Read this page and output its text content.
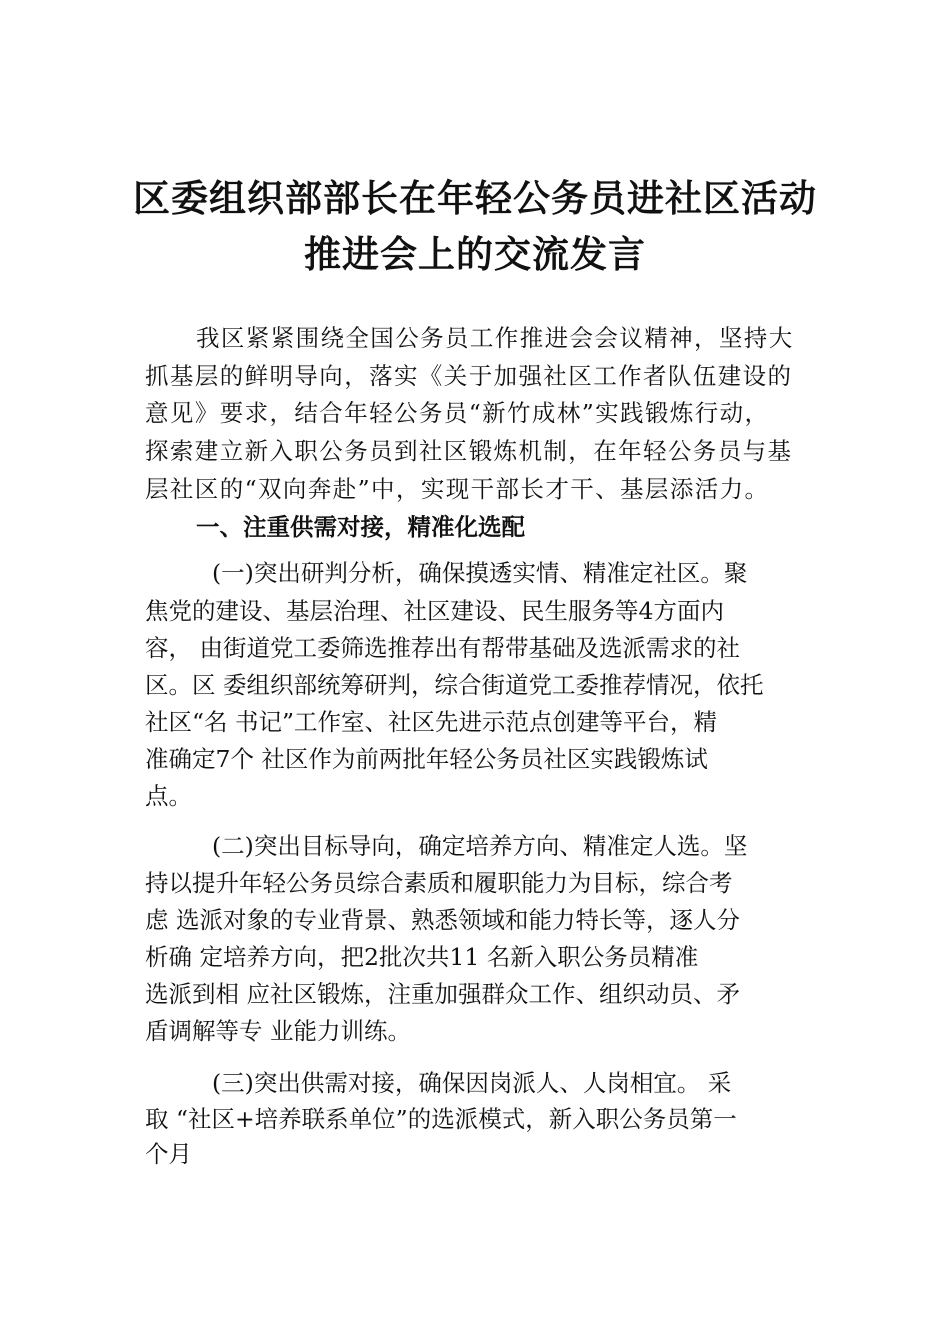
区委组织部部长在年轻公务员进社区活动
推进会上的交流发言
我区紧紧围绕全国公务员工作推进会会议精神，坚持大
抓基层的鲜明导向，落实《关于加强社区工作者队伍建设的
意见》要求，结合年轻公务员“新竹成林”实践锻炼行动，
探索建立新入职公务员到社区锻炼机制，在年轻公务员与基
层社区的“双向奔赴”中，实现干部长才干、基层添活力。
一、注重供需对接，精准化选配
(一)突出研判分析，确保摸透实情、精准定社区。聚
焦党的建设、基层治理、社区建设、民生服务等4方面内
容， 由街道党工委筛选推荐出有帮带基础及选派需求的社
区。区 委组织部统筹研判，综合街道党工委推荐情况，依托
社区“名 书记”工作室、社区先进示范点创建等平台，精
准确定7个 社区作为前两批年轻公务员社区实践锻炼试
点。
(二)突出目标导向，确定培养方向、精准定人选。坚
持以提升年轻公务员综合素质和履职能力为目标，综合考
虑 选派对象的专业背景、熟悉领域和能力特长等，逐人分
析确 定培养方向，把2批次共11 名新入职公务员精准
选派到相 应社区锻炼，注重加强群众工作、组织动员、矛
盾调解等专 业能力训练。
(三)突出供需对接，确保因岗派人、人岗相宜。 采
取 “社区+培养联系单位”的选派模式，新入职公务员第一
个月
